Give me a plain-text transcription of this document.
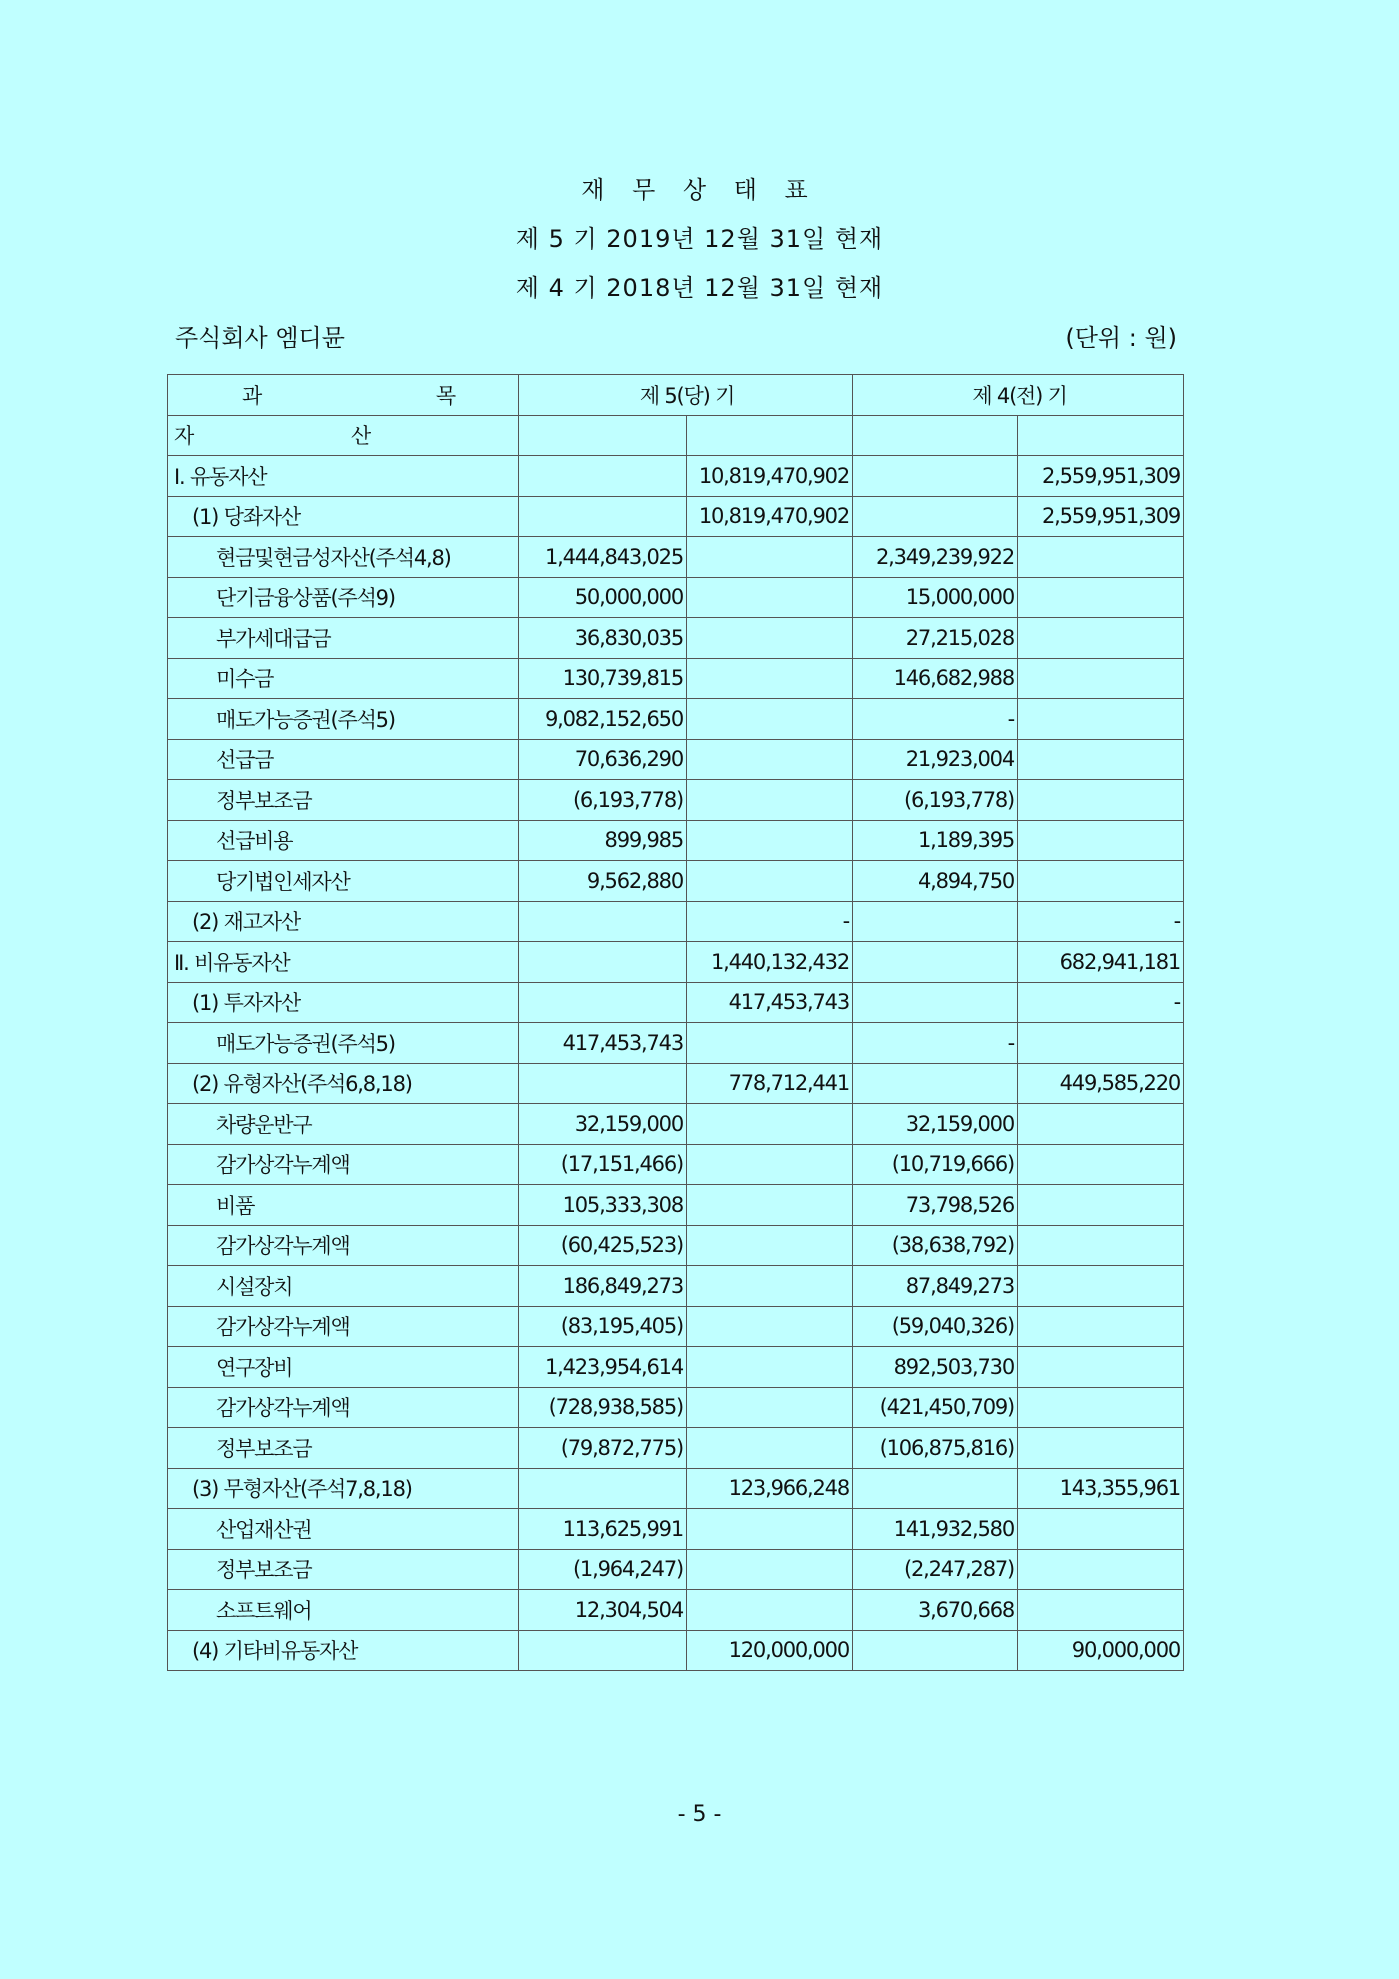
재 무 상 태 표
제 5 기 2019년 12월 31일 현재
제 4 기 2018년 12월 31일 현재
주식회사 엠디뮨	(단위 : 원)
과 목	제 5(당) 기		제 4(전) 기	

자 산				

Ⅰ. 유동자산		10,819,470,902		2,559,951,309
(1) 당좌자산		10,819,470,902		2,559,951,309
현금및현금성자산(주석4,8)	1,444,843,025		2,349,239,922	
단기금융상품(주석9)	50,000,000		15,000,000	
부가세대급금	36,830,035		27,215,028	
미수금	130,739,815		146,682,988	
매도가능증권(주석5)	9,082,152,650		-	
선급금	70,636,290		21,923,004	
정부보조금	(6,193,778)		(6,193,778)	
선급비용	899,985		1,189,395	
당기법인세자산	9,562,880		4,894,750	
(2) 재고자산		-		-
Ⅱ. 비유동자산		1,440,132,432		682,941,181
(1) 투자자산		417,453,743		-
매도가능증권(주석5)	417,453,743		-	
(2) 유형자산(주석6,8,18)		778,712,441		449,585,220
차량운반구	32,159,000		32,159,000	
감가상각누계액	(17,151,466)		(10,719,666)	
비품	105,333,308		73,798,526	
감가상각누계액	(60,425,523)		(38,638,792)	
시설장치	186,849,273		87,849,273	
감가상각누계액	(83,195,405)		(59,040,326)	
연구장비	1,423,954,614		892,503,730	
감가상각누계액	(728,938,585)		(421,450,709)	
정부보조금	(79,872,775)		(106,875,816)	
(3) 무형자산(주석7,8,18)		123,966,248		143,355,961
산업재산권	113,625,991		141,932,580	
정부보조금	(1,964,247)		(2,247,287)	
소프트웨어	12,304,504		3,670,668	
(4) 기타비유동자산		120,000,000		90,000,000
- 5 -
